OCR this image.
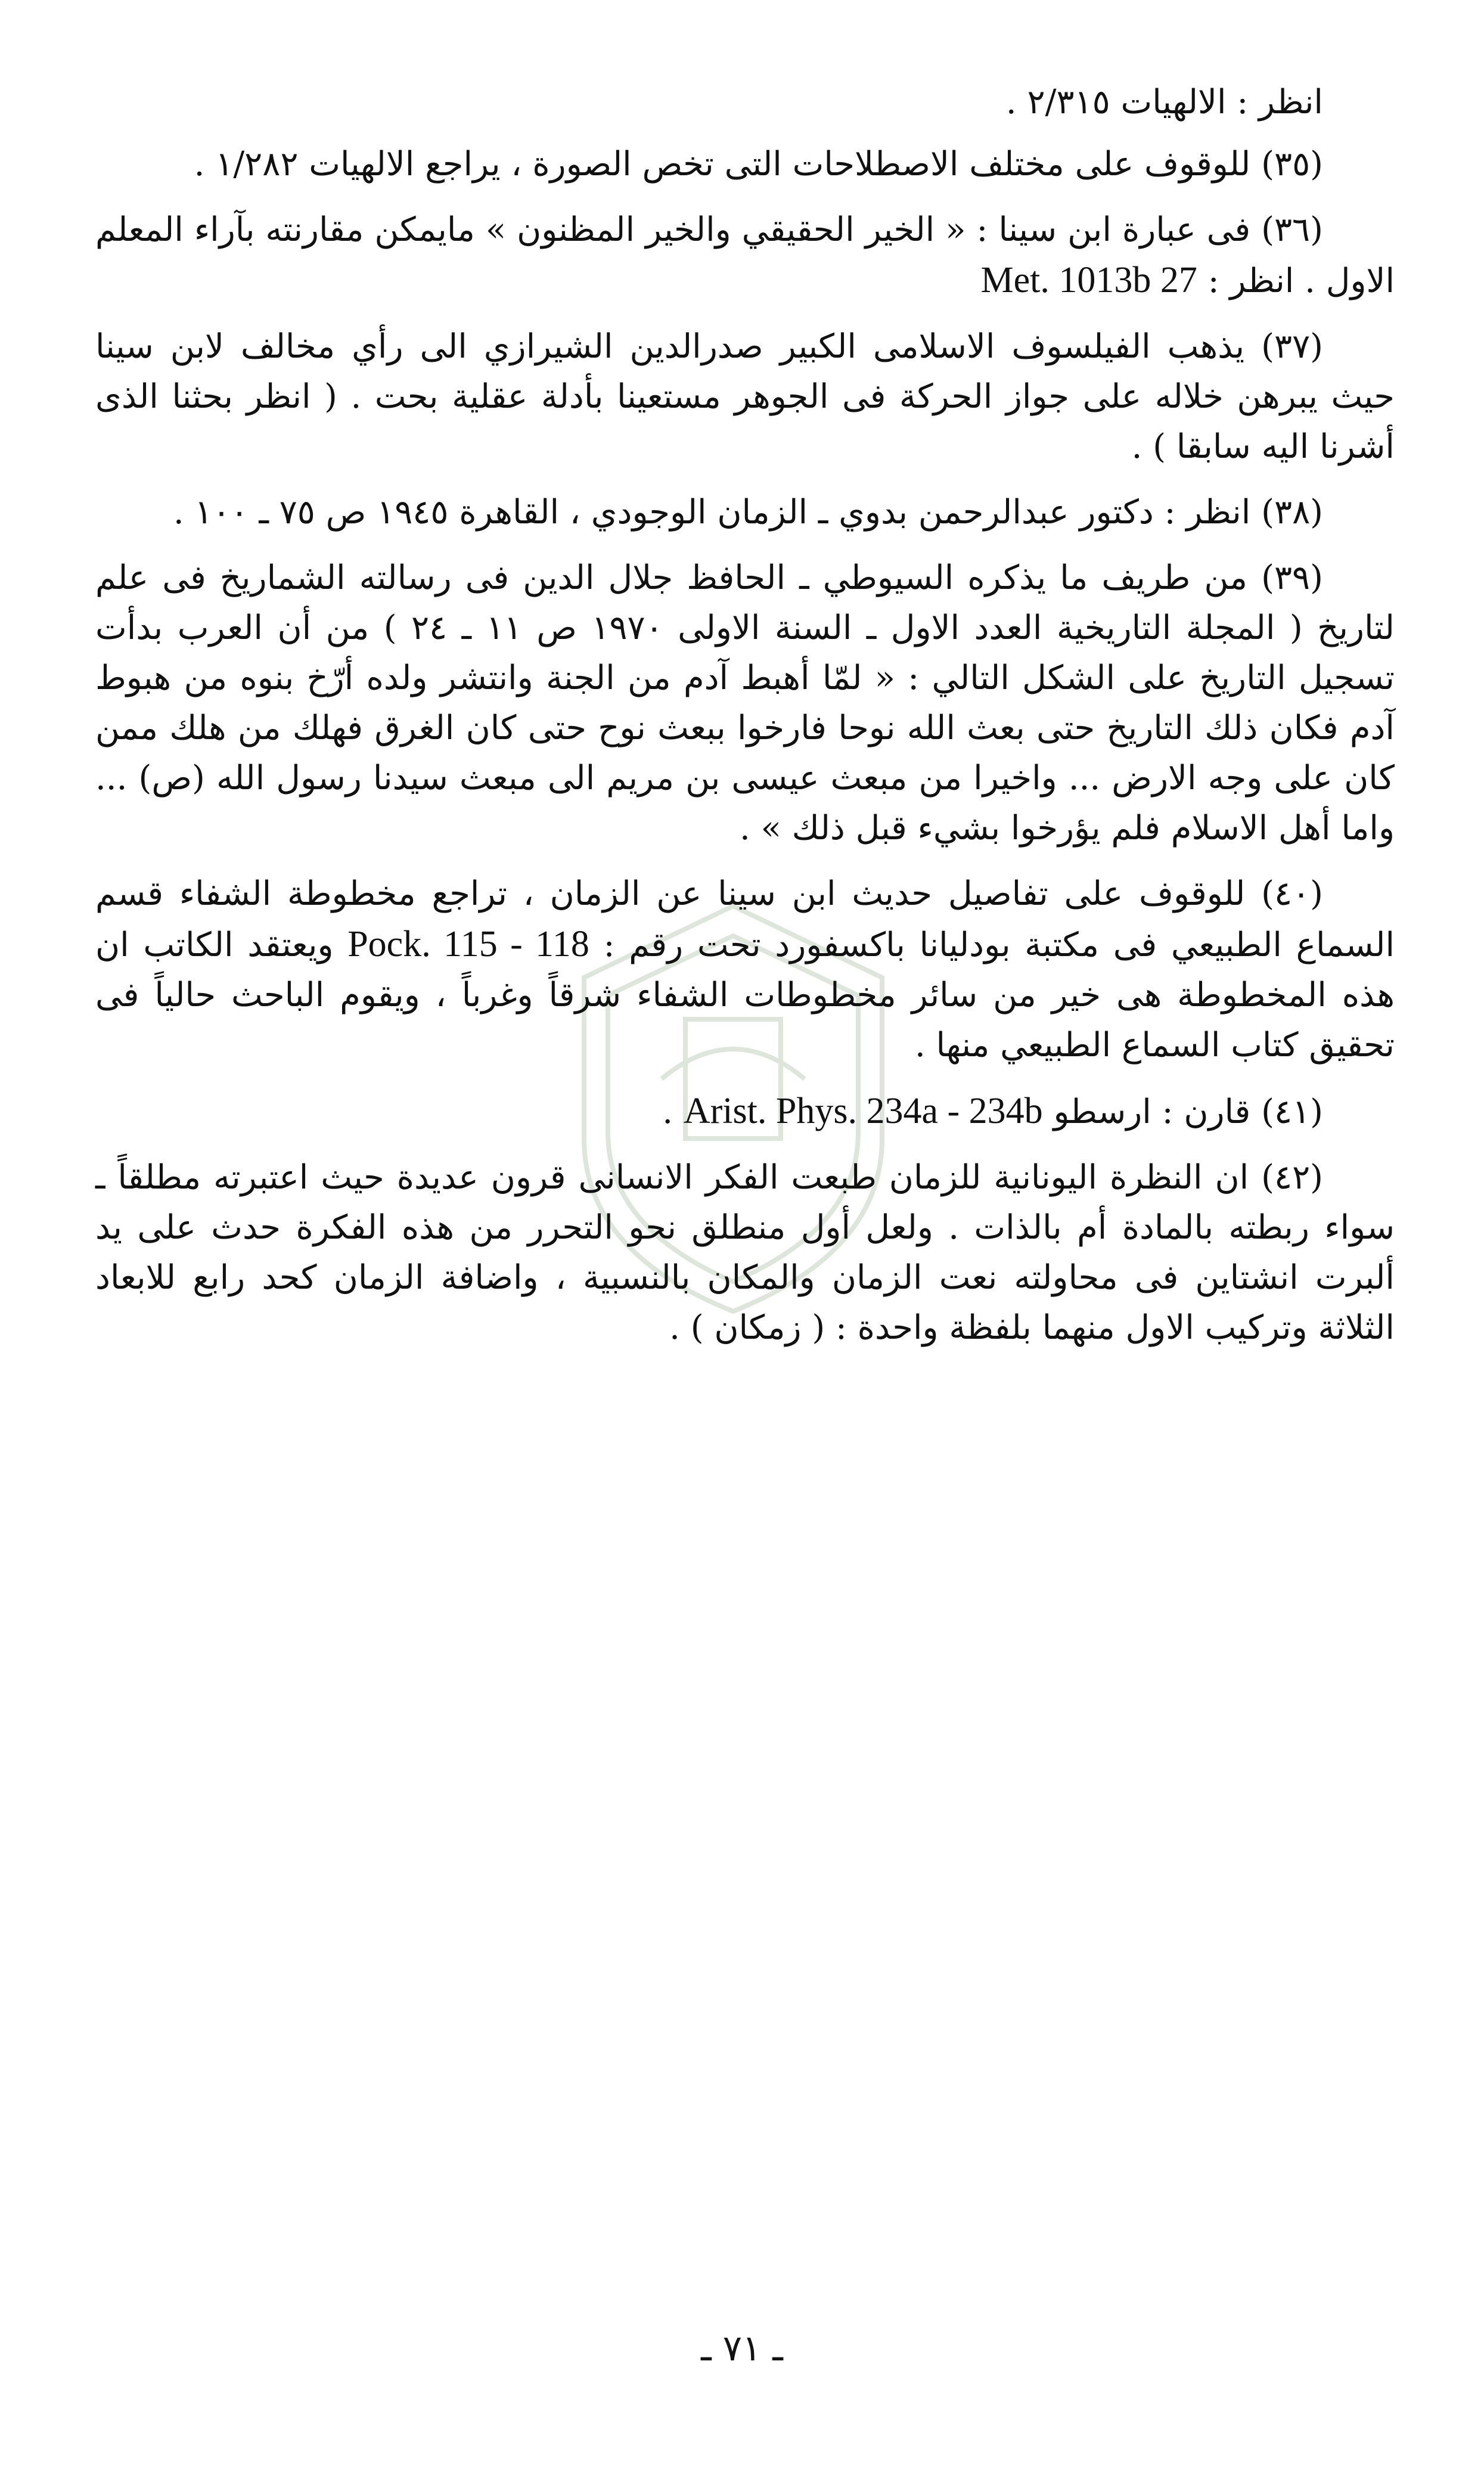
انظر : الالهيات ٢/٣١٥ .

(٣٥) للوقوف على مختلف الاصطلاحات التى تخص الصورة ، يراجع الالهيات ١/٢٨٢ .

(٣٦) فى عبارة ابن سينا : « الخير الحقيقي والخير المظنون » مايمكن مقارنته بآراء المعلم الاول . انظر : Met. 1013b 27

(٣٧) يذهب الفيلسوف الاسلامى الكبير صدرالدين الشيرازي الى رأي مخالف لابن سينا حيث يبرهن خلاله على جواز الحركة فى الجوهر مستعينا بأدلة عقلية بحت . ( انظر بحثنا الذى أشرنا اليه سابقا ) .

(٣٨) انظر : دكتور عبدالرحمن بدوي ـ الزمان الوجودي ، القاهرة ١٩٤٥ ص ٧٥ ـ ١٠٠ .

(٣٩) من طريف ما يذكره السيوطي ـ الحافظ جلال الدين فى رسالته الشماريخ فى علم لتاريخ ( المجلة التاريخية العدد الاول ـ السنة الاولى ١٩٧٠ ص ١١ ـ ٢٤ ) من أن العرب بدأت تسجيل التاريخ على الشكل التالي : « لمّا أهبط آدم من الجنة وانتشر ولده أرّخ بنوه من هبوط آدم فكان ذلك التاريخ حتى بعث الله نوحا فارخوا ببعث نوح حتى كان الغرق فهلك من هلك ممن كان على وجه الارض ... واخيرا من مبعث عيسى بن مريم الى مبعث سيدنا رسول الله (ص) ... واما أهل الاسلام فلم يؤرخوا بشيء قبل ذلك » .

(٤٠) للوقوف على تفاصيل حديث ابن سينا عن الزمان ، تراجع مخطوطة الشفاء قسم السماع الطبيعي فى مكتبة بودليانا باكسفورد تحت رقم : Pock. 115 - 118 ويعتقد الكاتب ان هذه المخطوطة هى خير من سائر مخطوطات الشفاء شرقاً وغرباً ، ويقوم الباحث حالياً فى تحقيق كتاب السماع الطبيعي منها .

(٤١) قارن : ارسطو Arist. Phys. 234a - 234b .

(٤٢) ان النظرة اليونانية للزمان طبعت الفكر الانسانى قرون عديدة حيث اعتبرته مطلقاً ـ سواء ربطته بالمادة أم بالذات . ولعل أول منطلق نحو التحرر من هذه الفكرة حدث على يد ألبرت انشتاين فى محاولته نعت الزمان والمكان بالنسبية ، واضافة الزمان كحد رابع للابعاد الثلاثة وتركيب الاول منهما بلفظة واحدة : ( زمكان ) .

ـ ٧١ ـ
